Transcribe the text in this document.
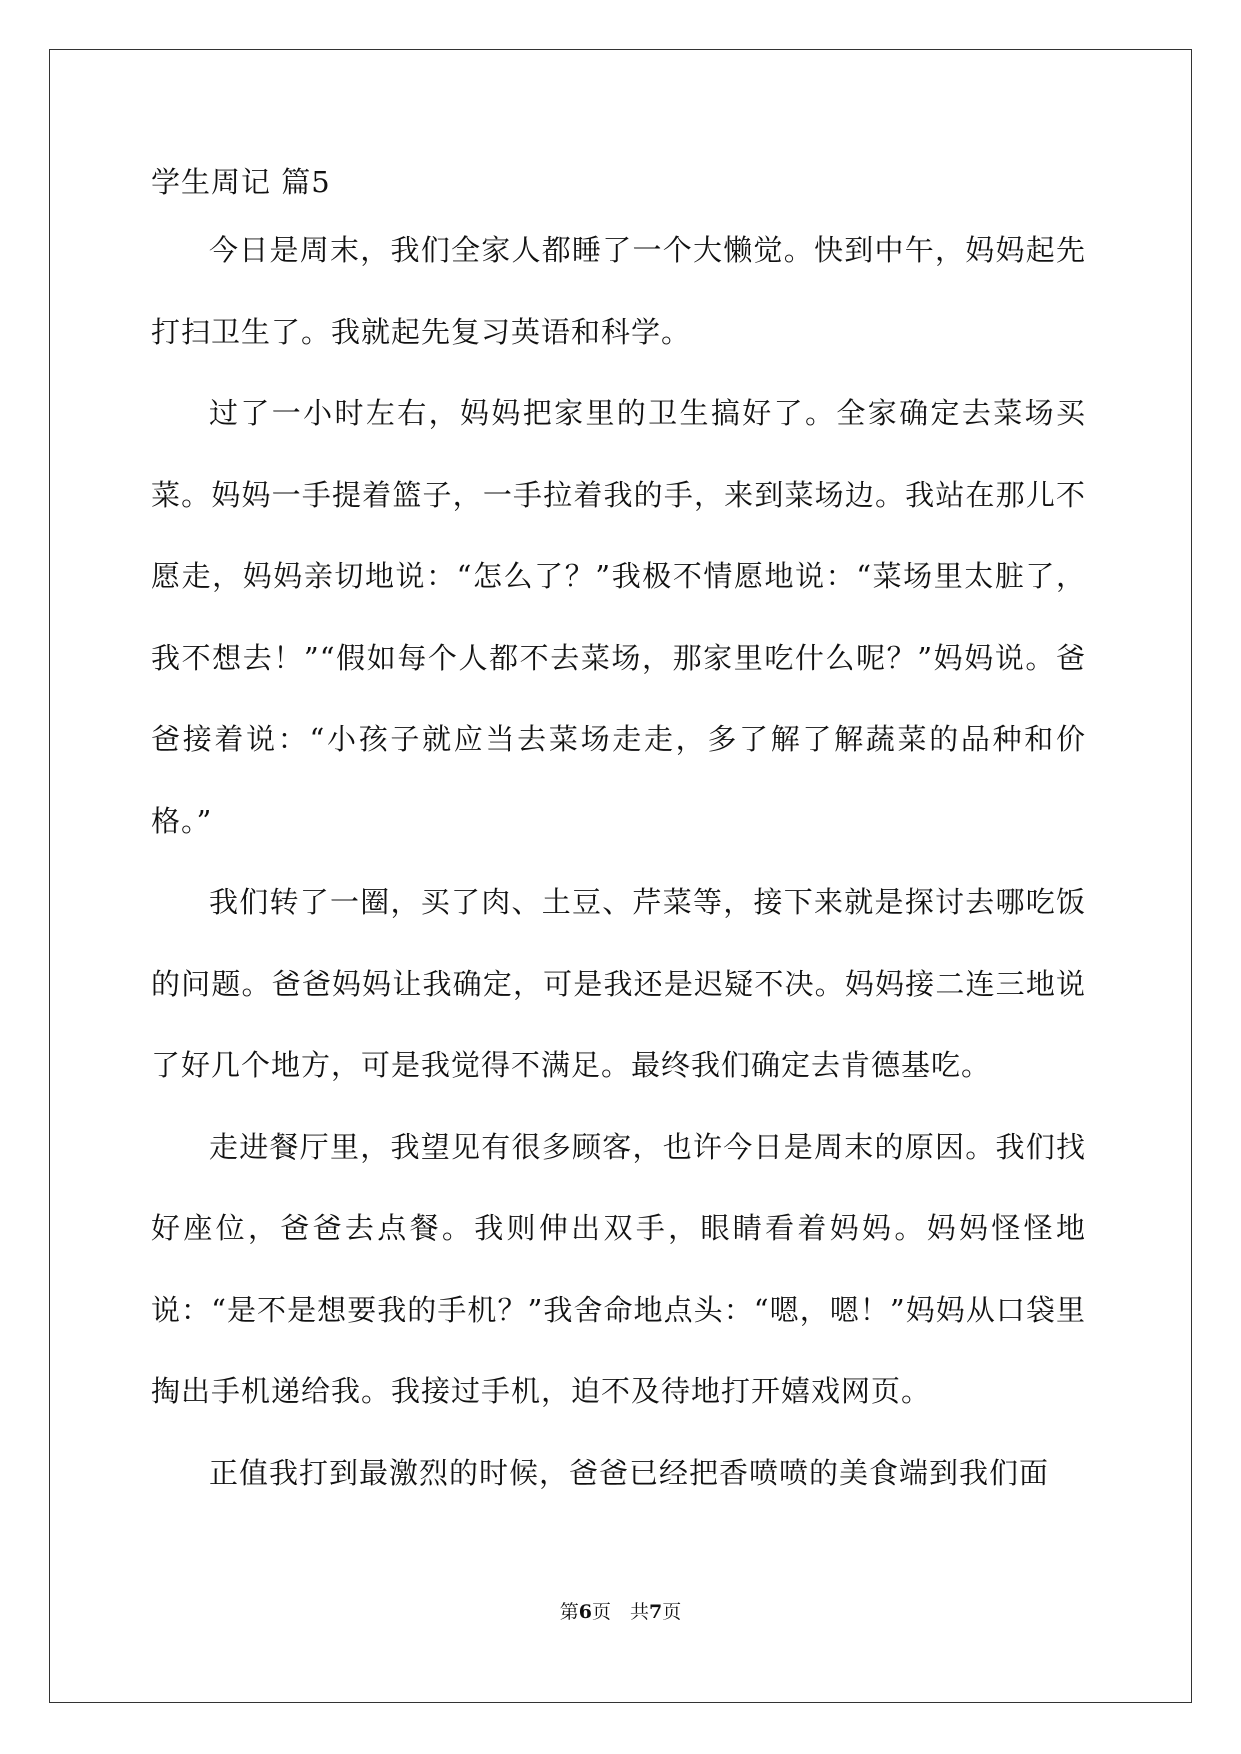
学生周记 篇5

今日是周末，我们全家人都睡了一个大懒觉。快到中午，妈妈起先打扫卫生了。我就起先复习英语和科学。

过了一小时左右，妈妈把家里的卫生搞好了。全家确定去菜场买菜。妈妈一手提着篮子，一手拉着我的手，来到菜场边。我站在那儿不愿走，妈妈亲切地说：“怎么了？”我极不情愿地说：“菜场里太脏了，我不想去！”“假如每个人都不去菜场，那家里吃什么呢？”妈妈说。爸爸接着说：“小孩子就应当去菜场走走，多了解了解蔬菜的品种和价格。”

我们转了一圈，买了肉、土豆、芹菜等，接下来就是探讨去哪吃饭的问题。爸爸妈妈让我确定，可是我还是迟疑不决。妈妈接二连三地说了好几个地方，可是我觉得不满足。最终我们确定去肯德基吃。

走进餐厅里，我望见有很多顾客，也许今日是周末的原因。我们找好座位，爸爸去点餐。我则伸出双手，眼睛看着妈妈。妈妈怪怪地说：“是不是想要我的手机？”我舍命地点头：“嗯，嗯！”妈妈从口袋里掏出手机递给我。我接过手机，迫不及待地打开嬉戏网页。

正值我打到最激烈的时候，爸爸已经把香喷喷的美食端到我们面

第6页　共7页
